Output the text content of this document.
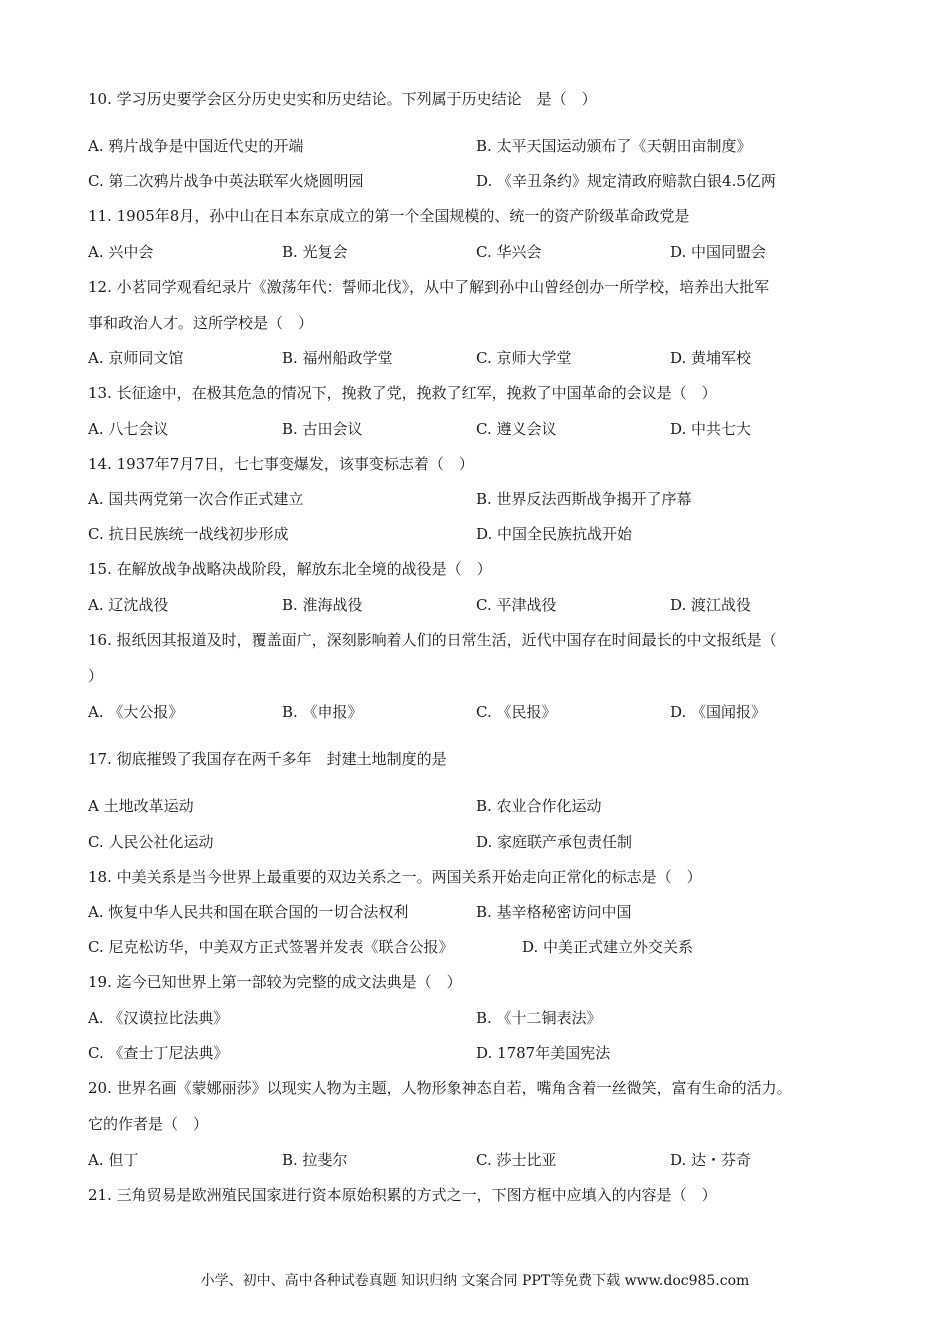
10. 学习历史要学会区分历史史实和历史结论。下列属于历史结论　是（　）
A. 鸦片战争是中国近代史的开端	B. 太平天国运动颁布了《天朝田亩制度》
C. 第二次鸦片战争中英法联军火烧圆明园	D. 《辛丑条约》规定清政府赔款白银4.5亿两
11. 1905年8月，孙中山在日本东京成立的第一个全国规模的、统一的资产阶级革命政党是
A. 兴中会	B. 光复会	C. 华兴会	D. 中国同盟会
12. 小茗同学观看纪录片《激荡年代：誓师北伐》，从中了解到孙中山曾经创办一所学校，培养出大批军
事和政治人才。这所学校是（　）
A. 京师同文馆	B. 福州船政学堂	C. 京师大学堂	D. 黄埔军校
13. 长征途中，在极其危急的情况下，挽救了党，挽救了红军，挽救了中国革命的会议是（　）
A. 八七会议	B. 古田会议	C. 遵义会议	D. 中共七大
14. 1937年7月7日，七七事变爆发，该事变标志着（　）
A. 国共两党第一次合作正式建立	B. 世界反法西斯战争揭开了序幕
C. 抗日民族统一战线初步形成	D. 中国全民族抗战开始
15. 在解放战争战略决战阶段，解放东北全境的战役是（　）
A. 辽沈战役	B. 淮海战役	C. 平津战役	D. 渡江战役
16. 报纸因其报道及时，覆盖面广，深刻影响着人们的日常生活，近代中国存在时间最长的中文报纸是（
）
A. 《大公报》	B. 《申报》	C. 《民报》	D. 《国闻报》
17. 彻底摧毁了我国存在两千多年　封建土地制度的是
A 土地改革运动	B. 农业合作化运动
C. 人民公社化运动	D. 家庭联产承包责任制
18. 中美关系是当今世界上最重要的双边关系之一。两国关系开始走向正常化的标志是（　）
A. 恢复中华人民共和国在联合国的一切合法权利	B. 基辛格秘密访问中国
C. 尼克松访华，中美双方正式签署并发表《联合公报》	D. 中美正式建立外交关系
19. 迄今已知世界上第一部较为完整的成文法典是（　）
A. 《汉谟拉比法典》	B. 《十二铜表法》
C. 《查士丁尼法典》	D. 1787年美国宪法
20. 世界名画《蒙娜丽莎》以现实人物为主题，人物形象神态自若，嘴角含着一丝微笑，富有生命的活力。
它的作者是（　）
A. 但丁	B. 拉斐尔	C. 莎士比亚	D. 达・芬奇
21. 三角贸易是欧洲殖民国家进行资本原始积累的方式之一，下图方框中应填入的内容是（　）
小学、初中、高中各种试卷真题 知识归纳 文案合同 PPT等免费下载 www.doc985.com
